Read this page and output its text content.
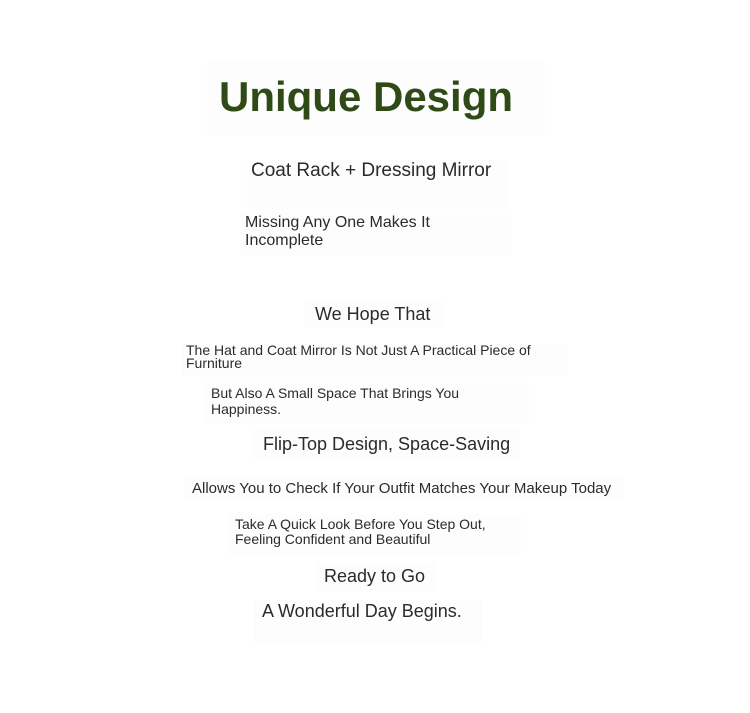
Unique Design
Coat Rack + Dressing Mirror
Missing Any One Makes It Incomplete
We Hope That
The Hat and Coat Mirror Is Not Just A Practical Piece of Furniture
But Also A Small Space That Brings You Happiness.
Flip-Top Design, Space-Saving
Allows You to Check If Your Outfit Matches Your Makeup Today
Take A Quick Look Before You Step Out, Feeling Confident and Beautiful
Ready to Go
A Wonderful Day Begins.
